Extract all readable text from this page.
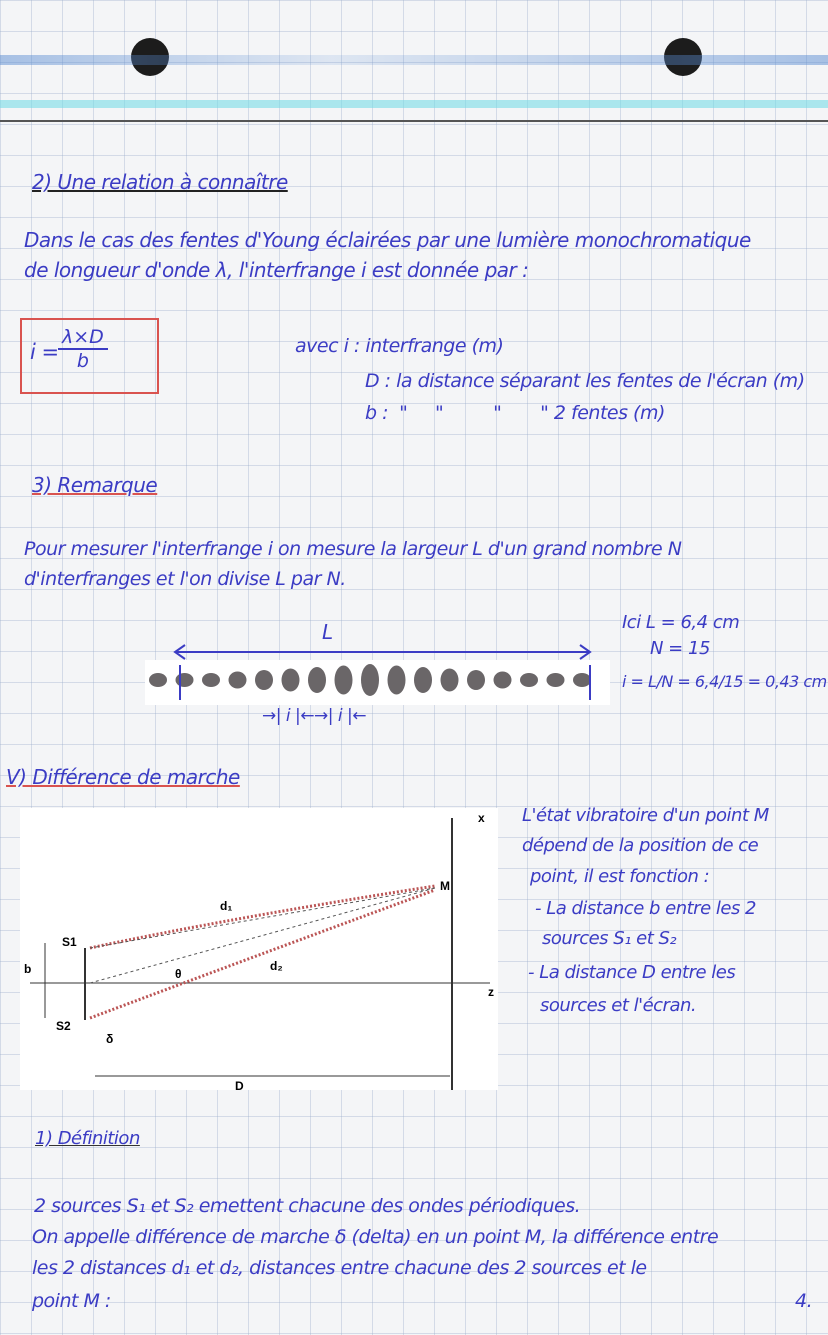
2) Une relation à connaître
Dans le cas des fentes d'Young éclairées par une lumière monochromatique
de longueur d'onde λ, l'interfrange i est donnée par :
$i = \frac{\lambda\times D}{b}$	avec i : interfrange (m)
D : la distance séparant les fentes de l'écran (m)
b :  "     "         "       " 2 fentes (m)
3) Remarque
Pour mesurer l'interfrange i on mesure la largeur L d'un grand nombre N
d'interfranges et l'on divise L par N.
L
→| i |←→| i |←
Ici L = 6,4 cm
N = 15
i = L/N = 6,4/15 = 0,43 cm
V) Différence de marche
x
z
M
S1
S2
d₁
d₂
b	θ
δ
D
L'état vibratoire d'un point M
dépend de la position de ce
point, il est fonction :
- La distance b entre les 2
sources S₁ et S₂
- La distance D entre les
sources et l'écran.
1) Définition
2 sources S₁ et S₂ emettent chacune des ondes périodiques.
On appelle différence de marche δ (delta) en un point M, la différence entre
les 2 distances d₁ et d₂, distances entre chacune des 2 sources et le
point M :	4.
